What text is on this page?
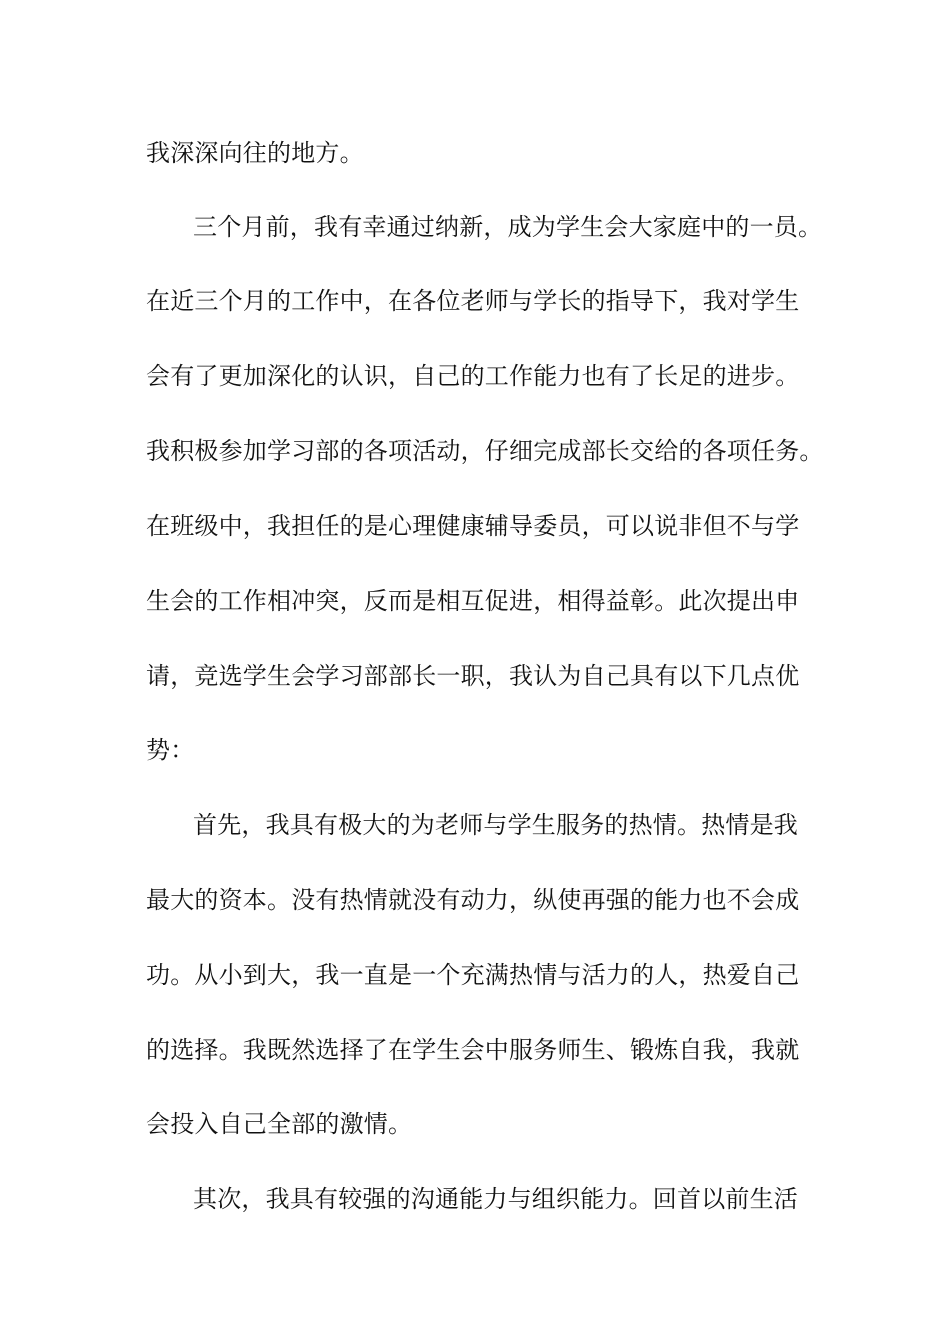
我深深向往的地方。
三个月前，我有幸通过纳新，成为学生会大家庭中的一员。
在近三个月的工作中，在各位老师与学长的指导下，我对学生
会有了更加深化的认识，自己的工作能力也有了长足的进步。
我积极参加学习部的各项活动，仔细完成部长交给的各项任务。
在班级中，我担任的是心理健康辅导委员，可以说非但不与学
生会的工作相冲突，反而是相互促进，相得益彰。此次提出申
请，竞选学生会学习部部长一职，我认为自己具有以下几点优
势：
首先，我具有极大的为老师与学生服务的热情。热情是我
最大的资本。没有热情就没有动力，纵使再强的能力也不会成
功。从小到大，我一直是一个充满热情与活力的人，热爱自己
的选择。我既然选择了在学生会中服务师生、锻炼自我，我就
会投入自己全部的激情。
其次，我具有较强的沟通能力与组织能力。回首以前生活
